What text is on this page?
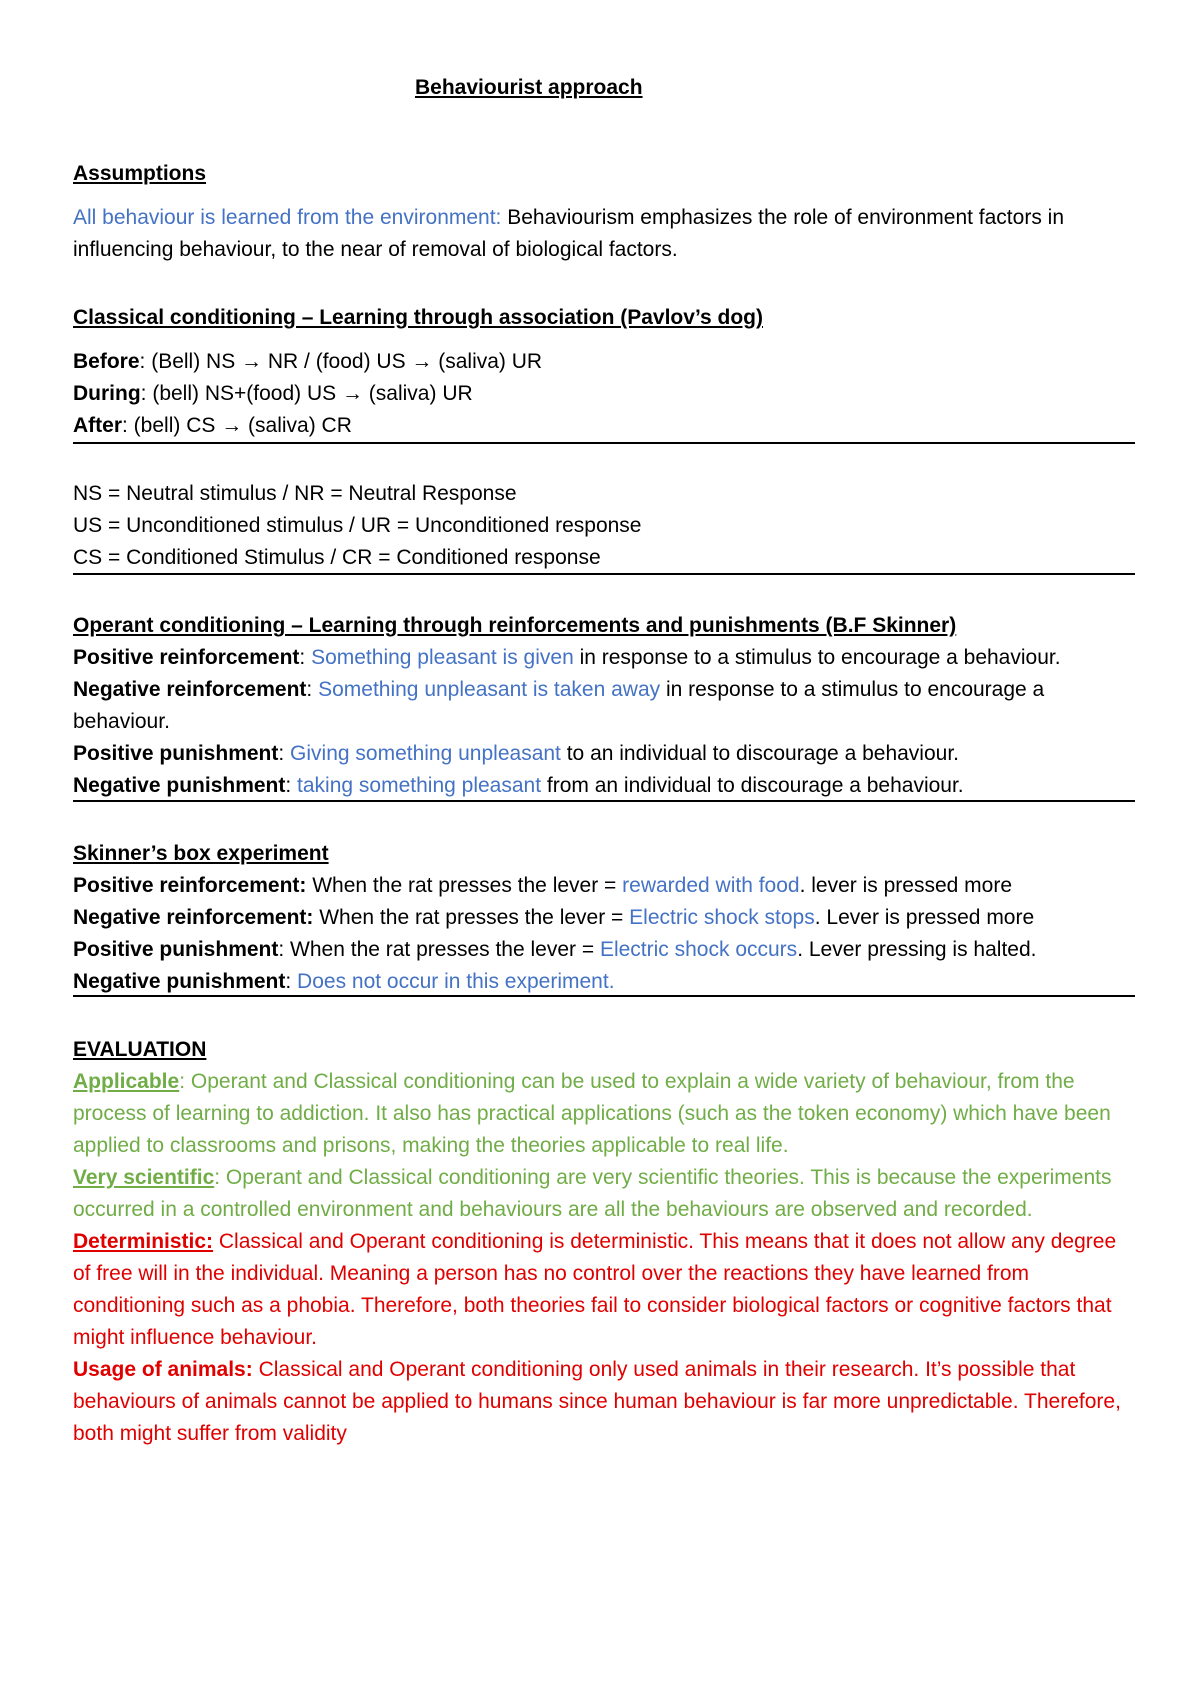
Behaviourist approach

Assumptions

All behaviour is learned from the environment: Behaviourism emphasizes the role of environment factors in influencing behaviour, to the near of removal of biological factors.

Classical conditioning – Learning through association (Pavlov’s dog)

Before: (Bell) NS → NR / (food) US → (saliva) UR

During: (bell) NS+(food) US → (saliva) UR

After: (bell) CS → (saliva) CR

NS = Neutral stimulus / NR = Neutral Response

US = Unconditioned stimulus / UR = Unconditioned response

CS = Conditioned Stimulus / CR = Conditioned response

Operant conditioning – Learning through reinforcements and punishments (B.F Skinner)

Positive reinforcement: Something pleasant is given in response to a stimulus to encourage a behaviour.

Negative reinforcement: Something unpleasant is taken away in response to a stimulus to encourage a behaviour.

Positive punishment: Giving something unpleasant to an individual to discourage a behaviour.

Negative punishment: taking something pleasant from an individual to discourage a behaviour.

Skinner’s box experiment

Positive reinforcement: When the rat presses the lever = rewarded with food. lever is pressed more

Negative reinforcement: When the rat presses the lever = Electric shock stops. Lever is pressed more

Positive punishment: When the rat presses the lever = Electric shock occurs. Lever pressing is halted.

Negative punishment: Does not occur in this experiment.

EVALUATION

Applicable: Operant and Classical conditioning can be used to explain a wide variety of behaviour, from the process of learning to addiction. It also has practical applications (such as the token economy) which have been applied to classrooms and prisons, making the theories applicable to real life.

Very scientific: Operant and Classical conditioning are very scientific theories. This is because the experiments occurred in a controlled environment and behaviours are all the behaviours are observed and recorded.

Deterministic: Classical and Operant conditioning is deterministic. This means that it does not allow any degree of free will in the individual. Meaning a person has no control over the reactions they have learned from conditioning such as a phobia. Therefore, both theories fail to consider biological factors or cognitive factors that might influence behaviour.

Usage of animals: Classical and Operant conditioning only used animals in their research. It’s possible that behaviours of animals cannot be applied to humans since human behaviour is far more unpredictable. Therefore, both might suffer from validity
